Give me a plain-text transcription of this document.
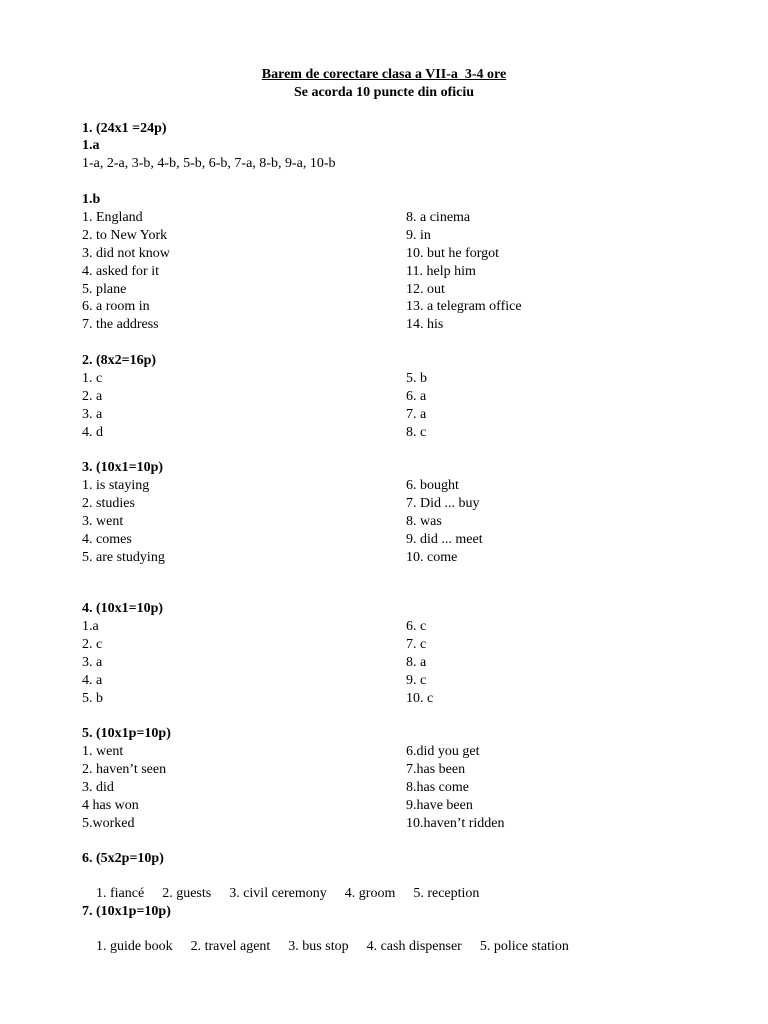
Barem de corectare clasa a VII-a  3-4 ore
Se acorda 10 puncte din oficiu
1. (24x1 =24p)
1.a
1-a, 2-a, 3-b, 4-b, 5-b, 6-b, 7-a, 8-b, 9-a, 10-b
1.b
1. England
2. to New York
3. did not know
4. asked for it
5. plane
6. a room in
7. the address
8. a cinema
9. in
10. but he forgot
11. help him
12. out
13. a telegram office
14. his
2. (8x2=16p)
1. c
2. a
3. a
4. d
5. b
6. a
7. a
8. c
3. (10x1=10p)
1. is staying
2. studies
3. went
4. comes
5. are studying
6. bought
7. Did ... buy
8. was
9. did ... meet
10. come
4. (10x1=10p)
1.a
2. c
3. a
4. a
5. b
6. c
7. c
8. a
9. c
10. c
5. (10x1p=10p)
1. went
2. haven’t seen
3. did
4 has won
5.worked
6.did you get
7.has been
8.has come
9.have been
10.haven’t ridden
6. (5x2p=10p)

1. fiancé 2. guests 3. civil ceremony 4. groom 5. reception

7. (10x1p=10p)

1. guide book 2. travel agent 3. bus stop 4. cash dispenser 5. police station
